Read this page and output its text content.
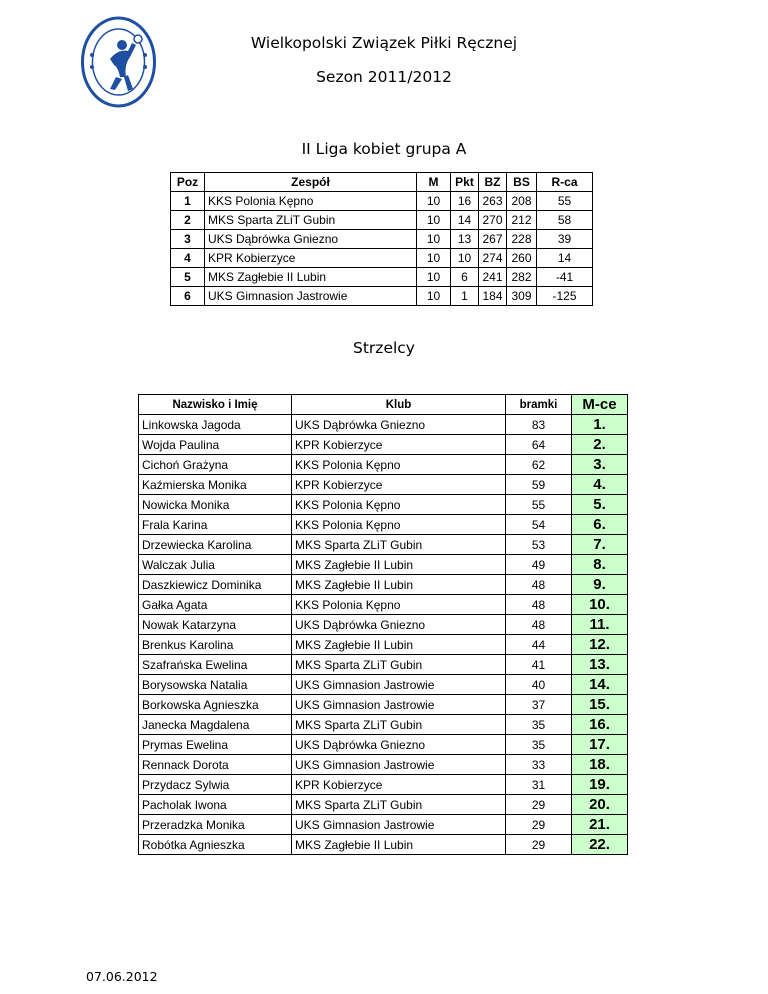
Wielkopolski Związek Piłki Ręcznej
Sezon 2011/2012
II Liga kobiet grupa A
Poz	Zespół	M	Pkt	BZ	BS	R-ca
1	KKS Polonia Kępno	10	16	263	208	55
2	MKS Sparta ZLiT Gubin	10	14	270	212	58
3	UKS Dąbrówka Gniezno	10	13	267	228	39
4	KPR Kobierzyce	10	10	274	260	14
5	MKS Zagłebie II Lubin	10	6	241	282	-41
6	UKS Gimnasion Jastrowie	10	1	184	309	-125
Strzelcy
Nazwisko i Imię	Klub	bramki	M-ce
Linkowska Jagoda	UKS Dąbrówka Gniezno	83	1.
Wojda Paulina	KPR Kobierzyce	64	2.
Cichoń Grażyna	KKS Polonia Kępno	62	3.
Kaźmierska Monika	KPR Kobierzyce	59	4.
Nowicka Monika	KKS Polonia Kępno	55	5.
Frala Karina	KKS Polonia Kępno	54	6.
Drzewiecka Karolina	MKS Sparta ZLiT Gubin	53	7.
Walczak Julia	MKS Zagłebie II Lubin	49	8.
Daszkiewicz Dominika	MKS Zagłebie II Lubin	48	9.
Gałka Agata	KKS Polonia Kępno	48	10.
Nowak Katarzyna	UKS Dąbrówka Gniezno	48	11.
Brenkus Karolina	MKS Zagłebie II Lubin	44	12.
Szafrańska Ewelina	MKS Sparta ZLiT Gubin	41	13.
Borysowska Natalia	UKS Gimnasion Jastrowie	40	14.
Borkowska Agnieszka	UKS Gimnasion Jastrowie	37	15.
Janecka Magdalena	MKS Sparta ZLiT Gubin	35	16.
Prymas Ewelina	UKS Dąbrówka Gniezno	35	17.
Rennack Dorota	UKS Gimnasion Jastrowie	33	18.
Przydacz Sylwia	KPR Kobierzyce	31	19.
Pacholak Iwona	MKS Sparta ZLiT Gubin	29	20.
Przeradzka Monika	UKS Gimnasion Jastrowie	29	21.
Robótka Agnieszka	MKS Zagłebie II Lubin	29	22.
07.06.2012
